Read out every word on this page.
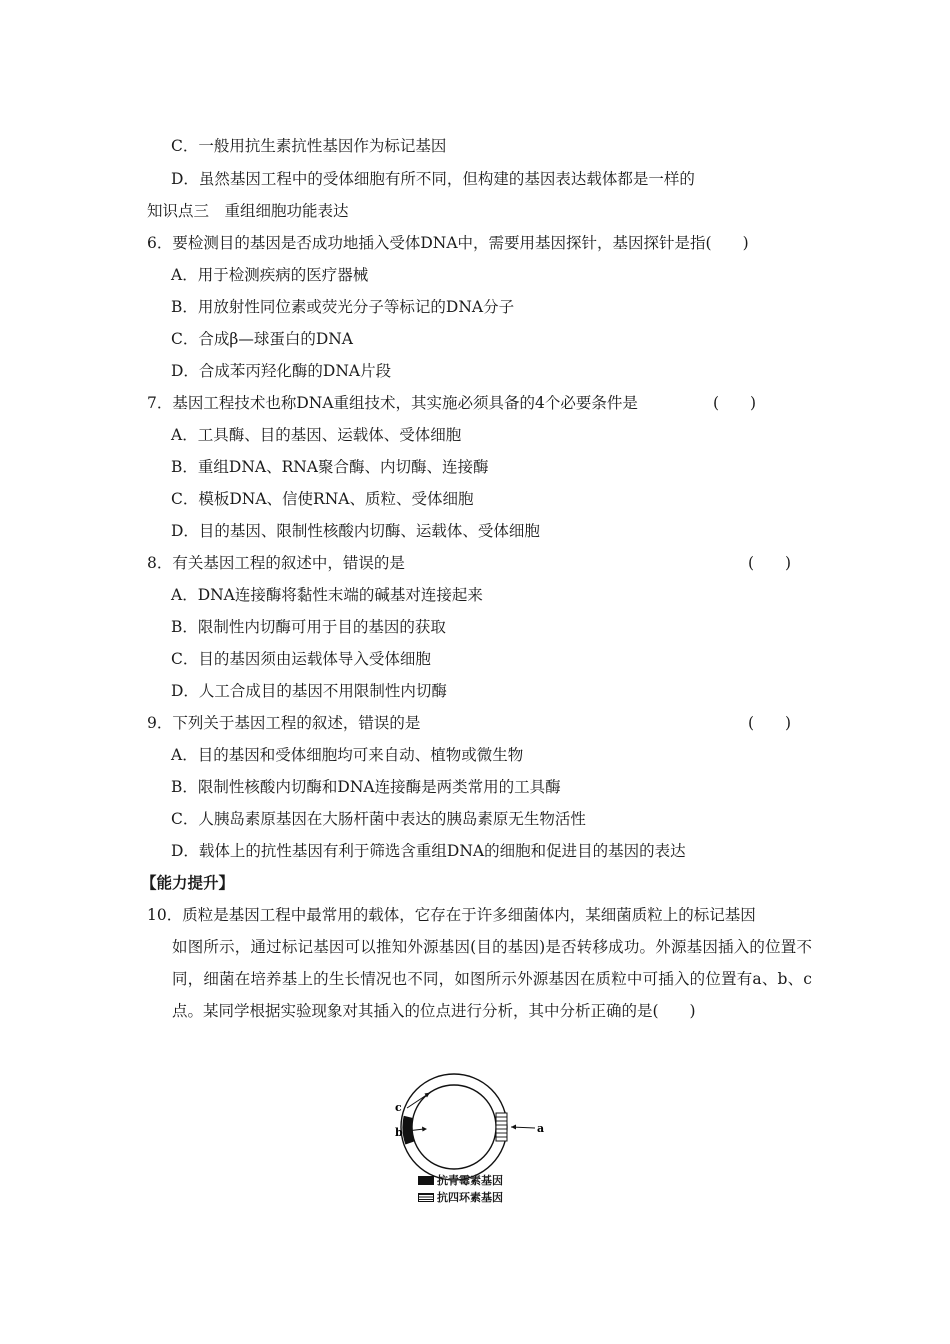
C．一般用抗生素抗性基因作为标记基因
D．虽然基因工程中的受体细胞有所不同，但构建的基因表达载体都是一样的
知识点三　重组细胞功能表达
6．要检测目的基因是否成功地插入受体DNA中，需要用基因探针，基因探针是指(　　)
A．用于检测疾病的医疗器械
B．用放射性同位素或荧光分子等标记的DNA分子
C．合成β—球蛋白的DNA
D．合成苯丙羟化酶的DNA片段
7．基因工程技术也称DNA重组技术，其实施必须具备的4个必要条件是	(　　)
A．工具酶、目的基因、运载体、受体细胞
B．重组DNA、RNA聚合酶、内切酶、连接酶
C．模板DNA、信使RNA、质粒、受体细胞
D．目的基因、限制性核酸内切酶、运载体、受体细胞
8．有关基因工程的叙述中，错误的是	(　　)
A．DNA连接酶将黏性末端的碱基对连接起来
B．限制性内切酶可用于目的基因的获取
C．目的基因须由运载体导入受体细胞
D．人工合成目的基因不用限制性内切酶
9．下列关于基因工程的叙述，错误的是	(　　)
A．目的基因和受体细胞均可来自动、植物或微生物
B．限制性核酸内切酶和DNA连接酶是两类常用的工具酶
C．人胰岛素原基因在大肠杆菌中表达的胰岛素原无生物活性
D．载体上的抗性基因有利于筛选含重组DNA的细胞和促进目的基因的表达
【能力提升】
10．质粒是基因工程中最常用的载体，它存在于许多细菌体内，某细菌质粒上的标记基因
如图所示，通过标记基因可以推知外源基因(目的基因)是否转移成功。外源基因插入的位置不同，细菌在培养基上的生长情况也不同，如图所示外源基因在质粒中可插入的位置有a、b、c点。某同学根据实验现象对其插入的位点进行分析，其中分析正确的是(　　)
a
b
c
抗青霉素基因
抗四环素基因
